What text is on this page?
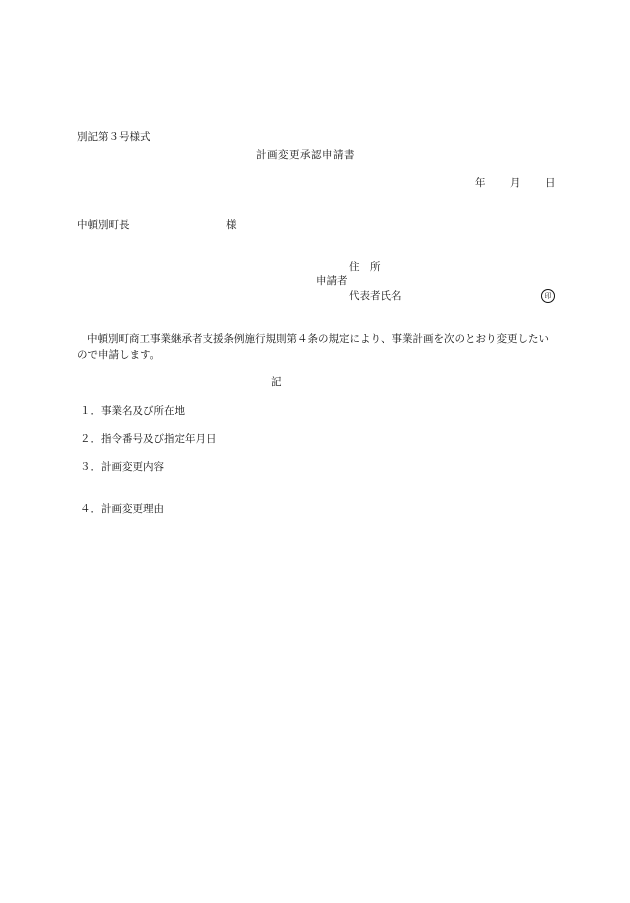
別記第３号様式
計画変更承認申請書
年 月 日
中頓別町長	様
住　所
申請者
代表者氏名	印
中頓別町商工事業継承者支援条例施行規則第４条の規定により、事業計画を次のとおり変更したいので申請します。
記
１．事業名及び所在地
２．指令番号及び指定年月日
３．計画変更内容
４．計画変更理由
